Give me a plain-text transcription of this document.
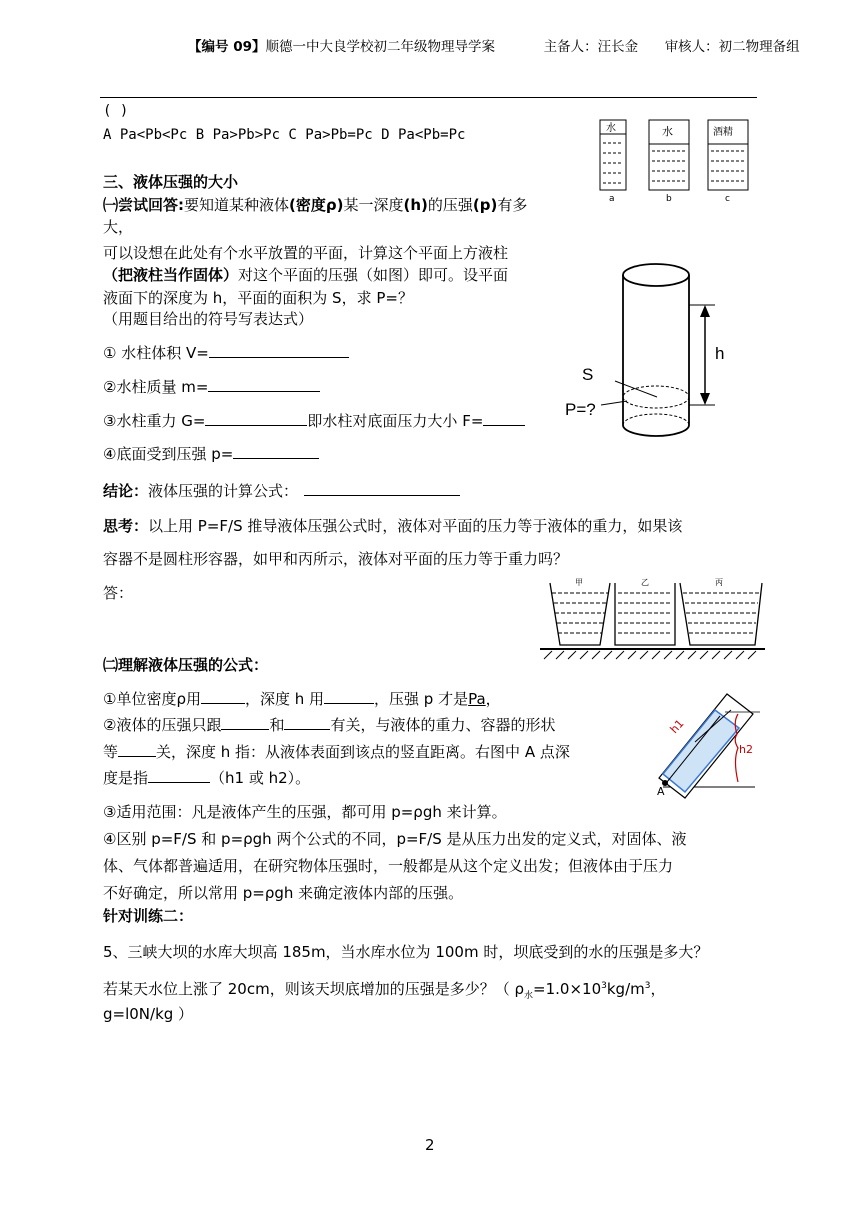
【编号 09】顺德一中大良学校初二年级物理导学案	主备人：汪长金 审核人：初二物理备组
( )
A Pa<Pb<Pc B Pa>Pb>Pc C Pa>Pb=Pc D Pa<Pb=Pc	水
a
水
b
酒精
c
三、液体压强的大小
㈠尝试回答:要知道某种液体(密度ρ)某一深度(h)的压强(p)有多
大，
可以设想在此处有个水平放置的平面，计算这个平面上方液柱
（把液柱当作固体）对这个平面的压强（如图）即可。设平面
液面下的深度为 h，平面的面积为 S，求 P=？
（用题目给出的符号写表达式）
① 水柱体积 V=
②水柱质量 m=
③水柱重力 G=	即水柱对底面压力大小 F=
④底面受到压强 p=
h
S
P=?
结论：液体压强的计算公式：
思考：以上用 P=F/S 推导液体压强公式时，液体对平面的压力等于液体的重力，如果该
容器不是圆柱形容器，如甲和丙所示，液体对平面的压力等于重力吗？
答：
甲	乙	丙
㈡理解液体压强的公式：
①单位密度ρ用	，深度 h 用	，压强 p 才是Pa，
②液体的压强只跟	和	有关，与液体的重力、容器的形状
等	关，深度 h 指：从液体表面到该点的竖直距离。右图中 A 点深
度是指	（h1 或 h2）。
h2
h1
A
③适用范围：凡是液体产生的压强，都可用 p=ρgh 来计算。
④区别 p=F/S 和 p=ρgh 两个公式的不同，p=F/S 是从压力出发的定义式，对固体、液
体、气体都普遍适用，在研究物体压强时，一般都是从这个定义出发；但液体由于压力
不好确定，所以常用 p=ρgh 来确定液体内部的压强。
针对训练二：
5、三峡大坝的水库大坝高 185m，当水库水位为 100m 时，坝底受到的水的压强是多大？
若某天水位上涨了 20cm，则该天坝底增加的压强是多少？（ $\rho_水=1.0\times 10^3kg/m^3$，
g=l0N/kg ）
2
